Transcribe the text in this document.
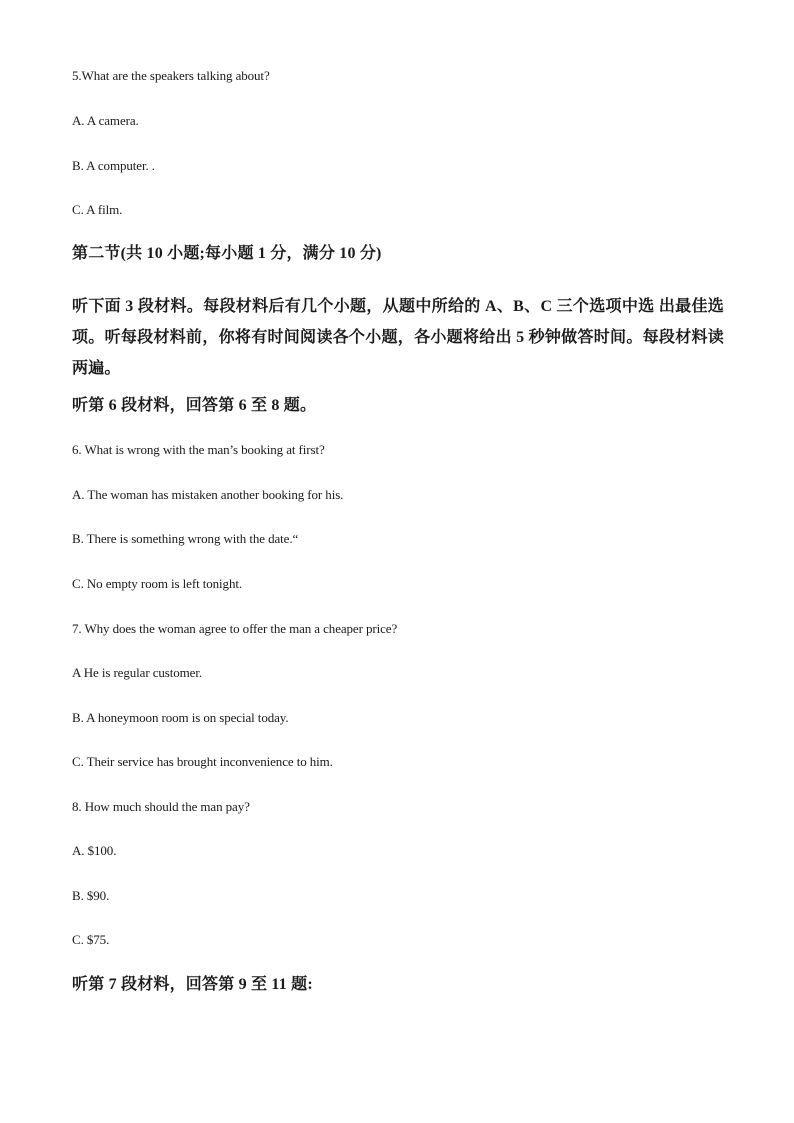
5.What are the speakers talking about?
A. A camera.
B. A computer. .
C. A film.
第二节(共 10 小题;每小题 1 分，满分 10 分)
听下面 3 段材料。每段材料后有几个小题，从题中所给的 A、B、C 三个选项中选 出最佳选项。听每段材料前，你将有时间阅读各个小题，各小题将给出 5 秒钟做答时间。每段材料读两遍。
听第 6 段材料，回答第 6 至 8 题。
6. What is wrong with the man’s booking at first?
A. The woman has mistaken another booking for his.
B. There is something wrong with the date.“
C. No empty room is left tonight.
7. Why does the woman agree to offer the man a cheaper price?
A He is regular customer.
B. A honeymoon room is on special today.
C. Their service has brought inconvenience to him.
8. How much should the man pay?
A. $100.
B. $90.
C. $75.
听第 7 段材料，回答第 9 至 11 题:
